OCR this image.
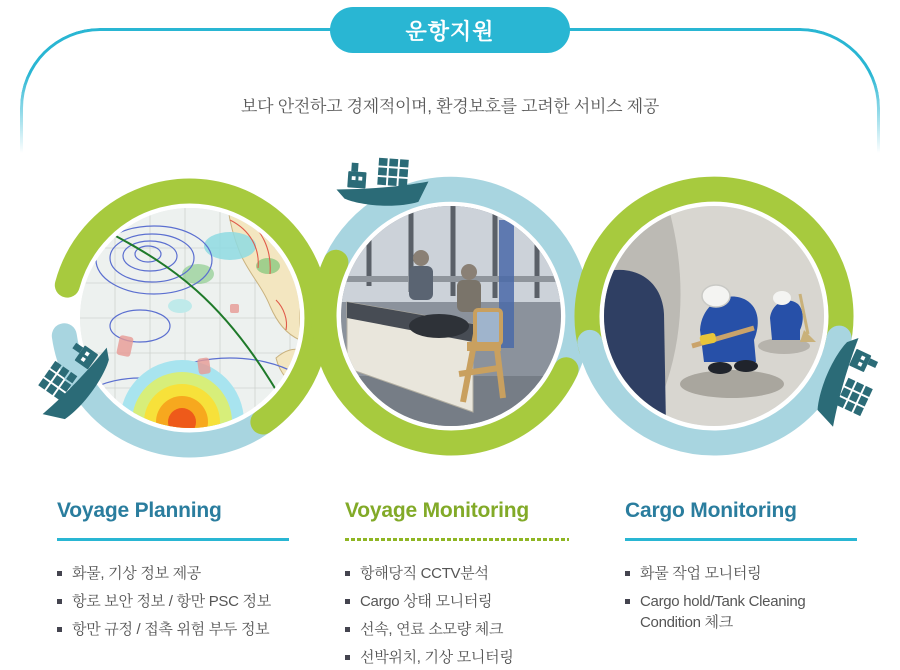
운항지원
보다 안전하고 경제적이며, 환경보호를 고려한 서비스 제공
Voyage Planning
화물, 기상 정보 제공
항로 보안 정보 / 항만 PSC 정보
항만 규정 / 접촉 위험 부두 정보
Voyage Monitoring
항해당직 CCTV분석
Cargo 상태 모니터링
선속, 연료 소모량 체크
선박위치, 기상 모니터링
Cargo Monitoring
화물 작업 모니터링
Cargo hold/Tank Cleaning Condition 체크
